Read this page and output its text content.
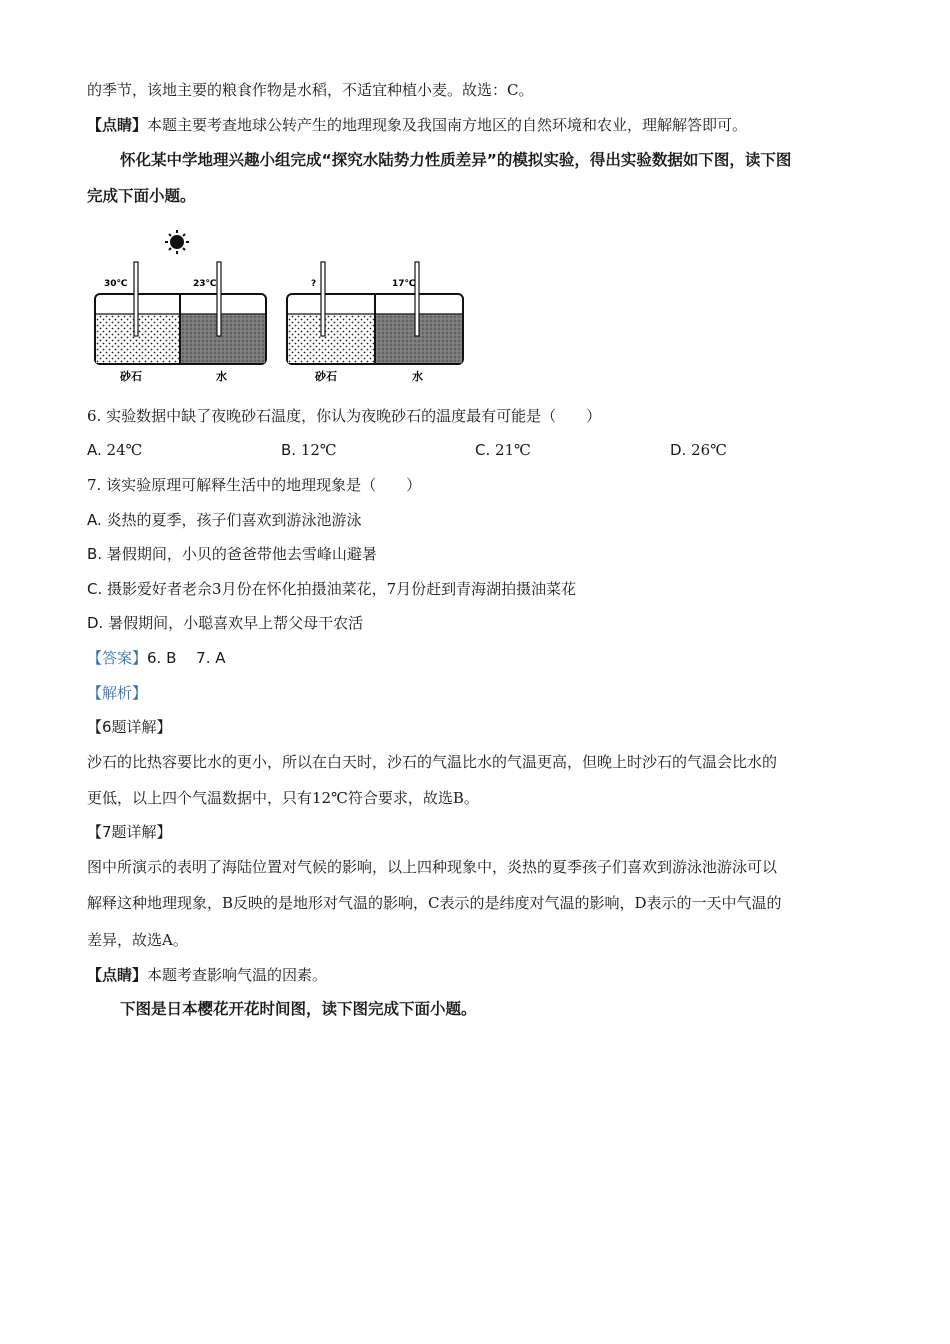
的季节，该地主要的粮食作物是水稻，不适宜种植小麦。故选：C。
【点睛】本题主要考查地球公转产生的地理现象及我国南方地区的自然环境和农业，理解解答即可。
怀化某中学地理兴趣小组完成“探究水陆势力性质差异”的模拟实验，得出实验数据如下图，读下图
完成下面小题。
30℃	23℃
砂石	水
?	17℃
砂石	水
6. 实验数据中缺了夜晚砂石温度，你认为夜晚砂石的温度最有可能是（　　）
A. 24℃	B. 12℃	C. 21℃	D. 26℃
7. 该实验原理可解释生活中的地理现象是（　　）
A. 炎热的夏季，孩子们喜欢到游泳池游泳
B. 暑假期间，小贝的爸爸带他去雪峰山避暑
C. 摄影爱好者老佘3月份在怀化拍摄油菜花，7月份赶到青海湖拍摄油菜花
D. 暑假期间，小聪喜欢早上帮父母干农活
【答案】6. B　 7. A
【解析】
【6题详解】
沙石的比热容要比水的更小，所以在白天时，沙石的气温比水的气温更高，但晚上时沙石的气温会比水的
更低，以上四个气温数据中，只有12℃符合要求，故选B。
【7题详解】
图中所演示的表明了海陆位置对气候的影响，以上四种现象中，炎热的夏季孩子们喜欢到游泳池游泳可以
解释这种地理现象，B反映的是地形对气温的影响，C表示的是纬度对气温的影响，D表示的一天中气温的
差异，故选A。
【点睛】本题考查影响气温的因素。
下图是日本樱花开花时间图，读下图完成下面小题。
